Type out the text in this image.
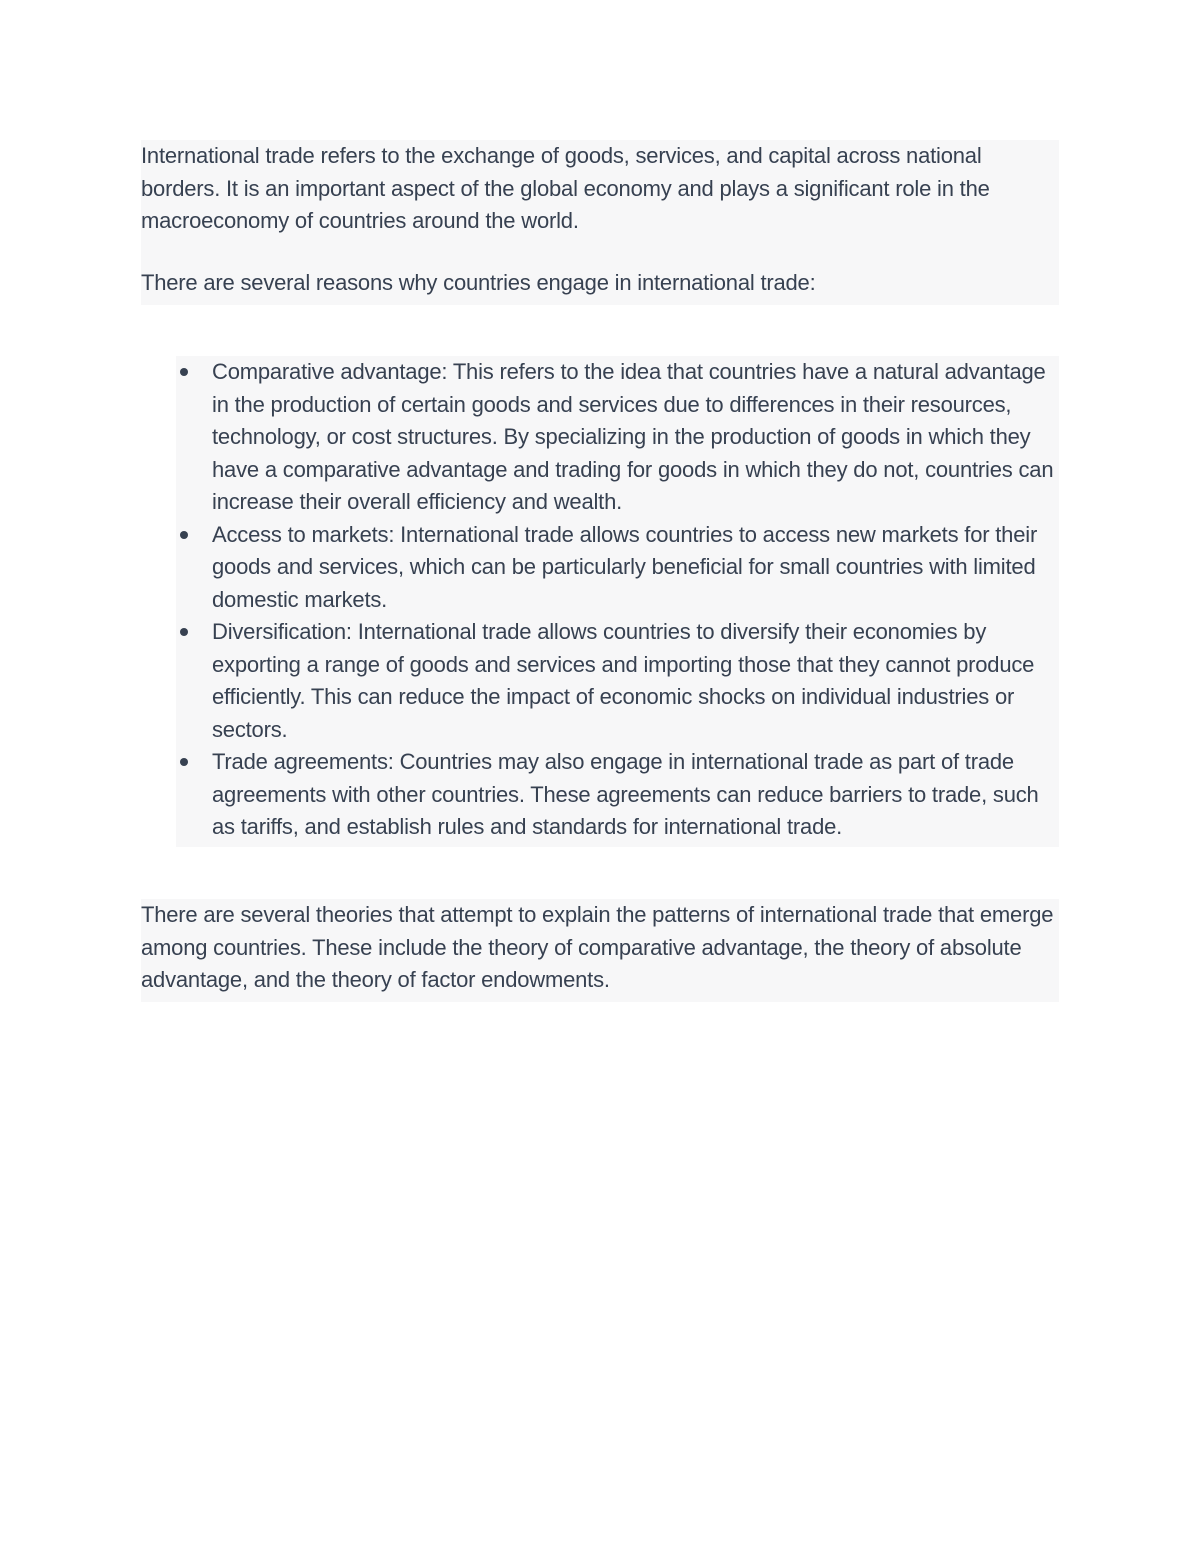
International trade refers to the exchange of goods, services, and capital across national borders. It is an important aspect of the global economy and plays a significant role in the macroeconomy of countries around the world.

There are several reasons why countries engage in international trade:

Comparative advantage: This refers to the idea that countries have a natural advantage in the production of certain goods and services due to differences in their resources, technology, or cost structures. By specializing in the production of goods in which they have a comparative advantage and trading for goods in which they do not, countries can increase their overall efficiency and wealth.
Access to markets: International trade allows countries to access new markets for their goods and services, which can be particularly beneficial for small countries with limited domestic markets.
Diversification: International trade allows countries to diversify their economies by exporting a range of goods and services and importing those that they cannot produce efficiently. This can reduce the impact of economic shocks on individual industries or sectors.
Trade agreements: Countries may also engage in international trade as part of trade agreements with other countries. These agreements can reduce barriers to trade, such as tariffs, and establish rules and standards for international trade.

There are several theories that attempt to explain the patterns of international trade that emerge among countries. These include the theory of comparative advantage, the theory of absolute advantage, and the theory of factor endowments.
